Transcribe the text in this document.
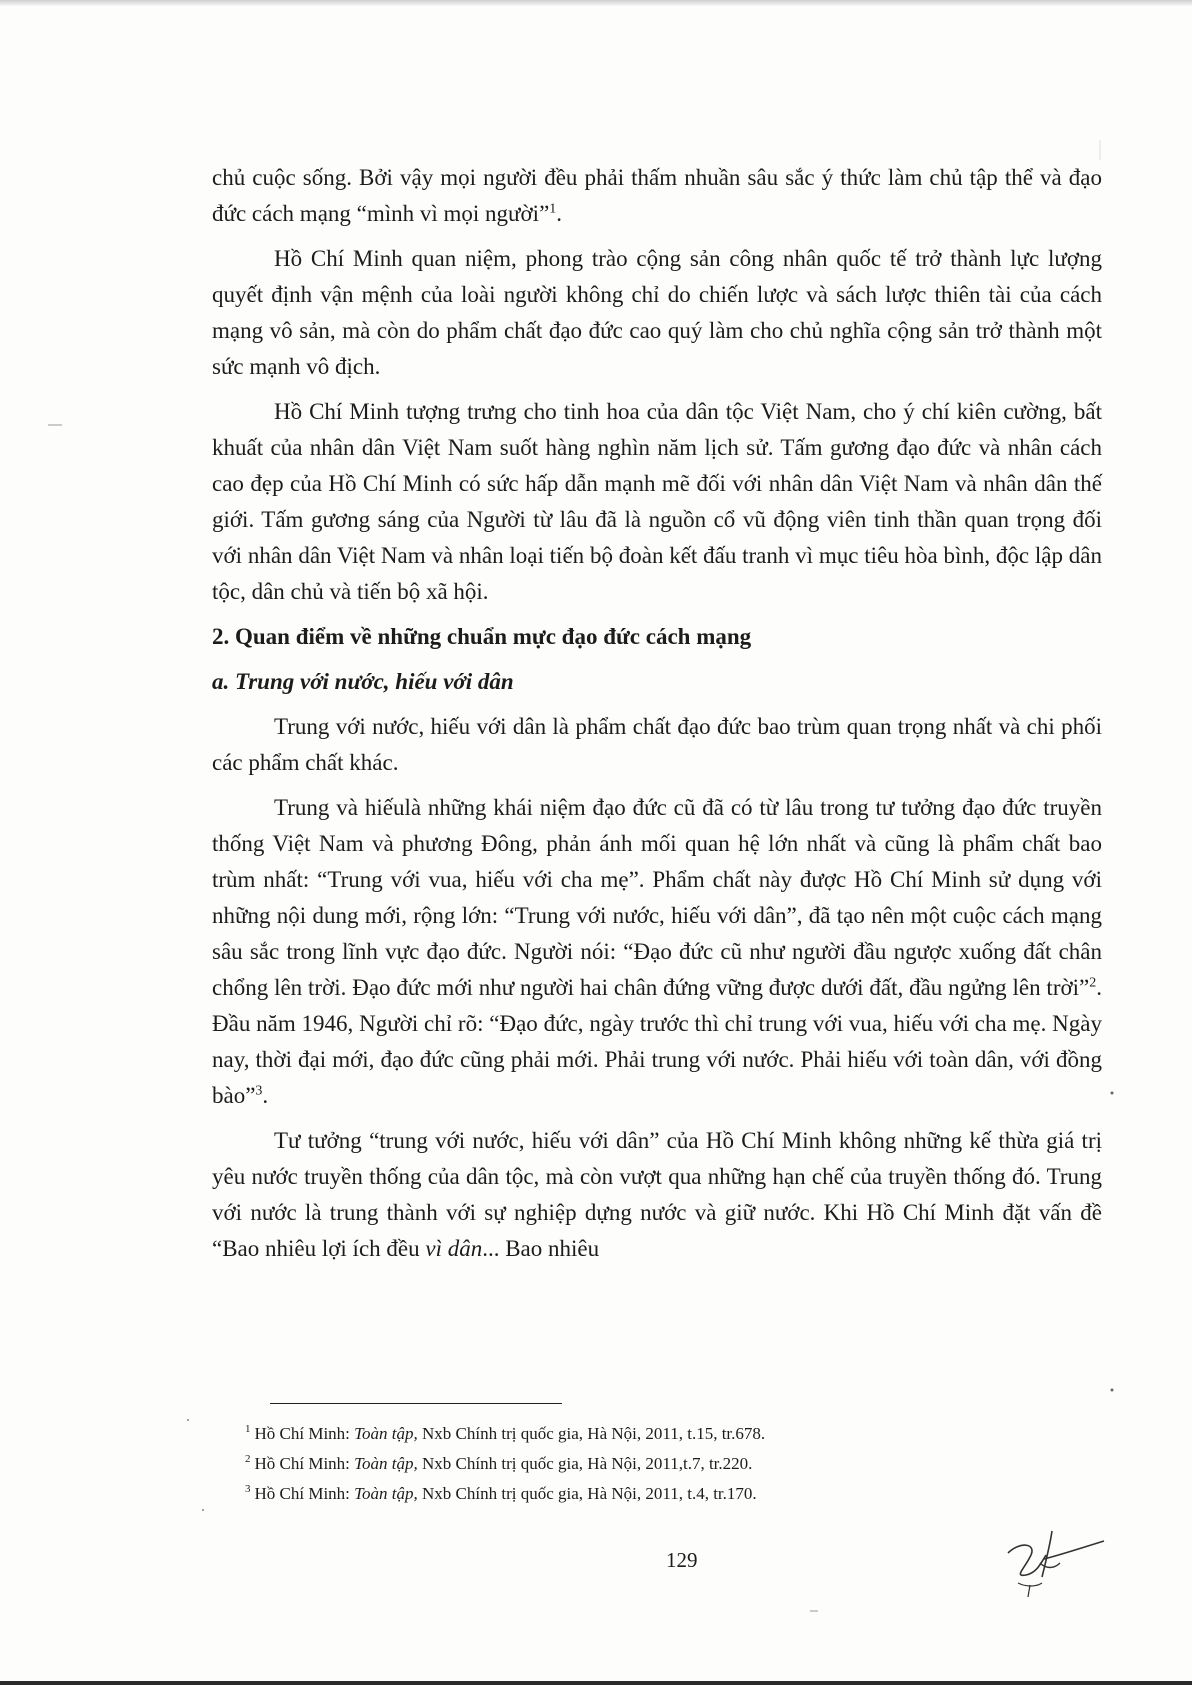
chủ cuộc sống. Bởi vậy mọi người đều phải thấm nhuần sâu sắc ý thức làm chủ tập thể và đạo đức cách mạng “mình vì mọi người”$^1$.

Hồ Chí Minh quan niệm, phong trào cộng sản công nhân quốc tế trở thành lực lượng quyết định vận mệnh của loài người không chỉ do chiến lược và sách lược thiên tài của cách mạng vô sản, mà còn do phẩm chất đạo đức cao quý làm cho chủ nghĩa cộng sản trở thành một sức mạnh vô địch.

Hồ Chí Minh tượng trưng cho tinh hoa của dân tộc Việt Nam, cho ý chí kiên cường, bất khuất của nhân dân Việt Nam suốt hàng nghìn năm lịch sử. Tấm gương đạo đức và nhân cách cao đẹp của Hồ Chí Minh có sức hấp dẫn mạnh mẽ đối với nhân dân Việt Nam và nhân dân thế giới. Tấm gương sáng của Người từ lâu đã là nguồn cổ vũ động viên tinh thần quan trọng đối với nhân dân Việt Nam và nhân loại tiến bộ đoàn kết đấu tranh vì mục tiêu hòa bình, độc lập dân tộc, dân chủ và tiến bộ xã hội.

2. Quan điểm về những chuẩn mực đạo đức cách mạng
a. Trung với nước, hiếu với dân

Trung với nước, hiếu với dân là phẩm chất đạo đức bao trùm quan trọng nhất và chi phối các phẩm chất khác.

Trung và hiếulà những khái niệm đạo đức cũ đã có từ lâu trong tư tưởng đạo đức truyền thống Việt Nam và phương Đông, phản ánh mối quan hệ lớn nhất và cũng là phẩm chất bao trùm nhất: “Trung với vua, hiếu với cha mẹ”. Phẩm chất này được Hồ Chí Minh sử dụng với những nội dung mới, rộng lớn: “Trung với nước, hiếu với dân”, đã tạo nên một cuộc cách mạng sâu sắc trong lĩnh vực đạo đức. Người nói: “Đạo đức cũ như người đầu ngược xuống đất chân chổng lên trời. Đạo đức mới như người hai chân đứng vững được dưới đất, đầu ngửng lên trời”$^2$. Đầu năm 1946, Người chỉ rõ: “Đạo đức, ngày trước thì chỉ trung với vua, hiếu với cha mẹ. Ngày nay, thời đại mới, đạo đức cũng phải mới. Phải trung với nước. Phải hiếu với toàn dân, với đồng bào”$^3$.

Tư tưởng “trung với nước, hiếu với dân” của Hồ Chí Minh không những kế thừa giá trị yêu nước truyền thống của dân tộc, mà còn vượt qua những hạn chế của truyền thống đó. Trung với nước là trung thành với sự nghiệp dựng nước và giữ nước. Khi Hồ Chí Minh đặt vấn đề “Bao nhiêu lợi ích đều vì dân... Bao nhiêu

$^1$ Hồ Chí Minh: Toàn tập, Nxb Chính trị quốc gia, Hà Nội, 2011, t.15, tr.678.

$^2$ Hồ Chí Minh: Toàn tập, Nxb Chính trị quốc gia, Hà Nội, 2011,t.7, tr.220.

$^3$ Hồ Chí Minh: Toàn tập, Nxb Chính trị quốc gia, Hà Nội, 2011, t.4, tr.170.

129
